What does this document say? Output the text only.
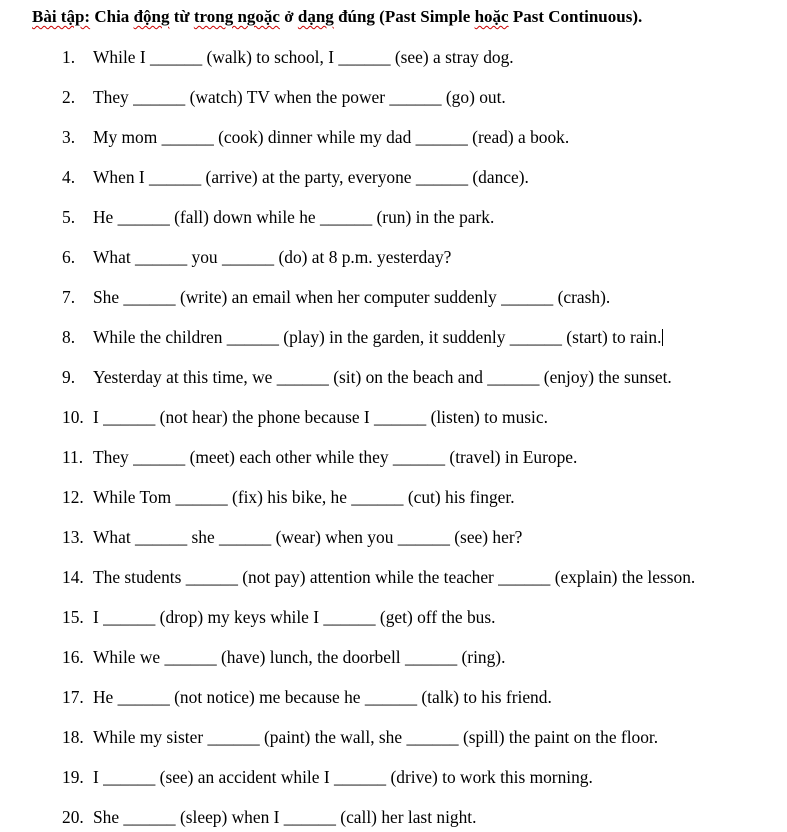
Bài tập: Chia động từ trong ngoặc ở dạng đúng (Past Simple hoặc Past Continuous).
1. While I ______ (walk) to school, I ______ (see) a stray dog.
2. They ______ (watch) TV when the power ______ (go) out.
3. My mom ______ (cook) dinner while my dad ______ (read) a book.
4. When I ______ (arrive) at the party, everyone ______ (dance).
5. He ______ (fall) down while he ______ (run) in the park.
6. What ______ you ______ (do) at 8 p.m. yesterday?
7. She ______ (write) an email when her computer suddenly ______ (crash).
8. While the children ______ (play) in the garden, it suddenly ______ (start) to rain.
9. Yesterday at this time, we ______ (sit) on the beach and ______ (enjoy) the sunset.
10. I ______ (not hear) the phone because I ______ (listen) to music.
11. They ______ (meet) each other while they ______ (travel) in Europe.
12. While Tom ______ (fix) his bike, he ______ (cut) his finger.
13. What ______ she ______ (wear) when you ______ (see) her?
14. The students ______ (not pay) attention while the teacher ______ (explain) the lesson.
15. I ______ (drop) my keys while I ______ (get) off the bus.
16. While we ______ (have) lunch, the doorbell ______ (ring).
17. He ______ (not notice) me because he ______ (talk) to his friend.
18. While my sister ______ (paint) the wall, she ______ (spill) the paint on the floor.
19. I ______ (see) an accident while I ______ (drive) to work this morning.
20. She ______ (sleep) when I ______ (call) her last night.
